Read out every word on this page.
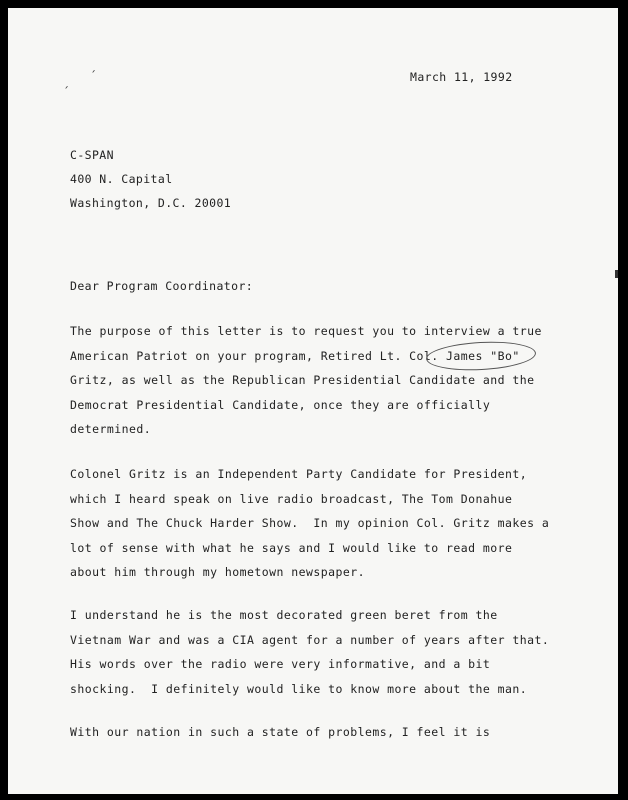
ˏ
ˏ	March 11, 1992
C-SPAN
400 N. Capital
Washington, D.C. 20001
Dear Program Coordinator:
The purpose of this letter is to request you to interview a true
American Patriot on your program, Retired Lt. Col. James "Bo"
Gritz, as well as the Republican Presidential Candidate and the
Democrat Presidential Candidate, once they are officially
determined.
Colonel Gritz is an Independent Party Candidate for President,
which I heard speak on live radio broadcast, The Tom Donahue
Show and The Chuck Harder Show.  In my opinion Col. Gritz makes a
lot of sense with what he says and I would like to read more
about him through my hometown newspaper.
I understand he is the most decorated green beret from the
Vietnam War and was a CIA agent for a number of years after that.
His words over the radio were very informative, and a bit
shocking.  I definitely would like to know more about the man.
With our nation in such a state of problems, I feel it is
